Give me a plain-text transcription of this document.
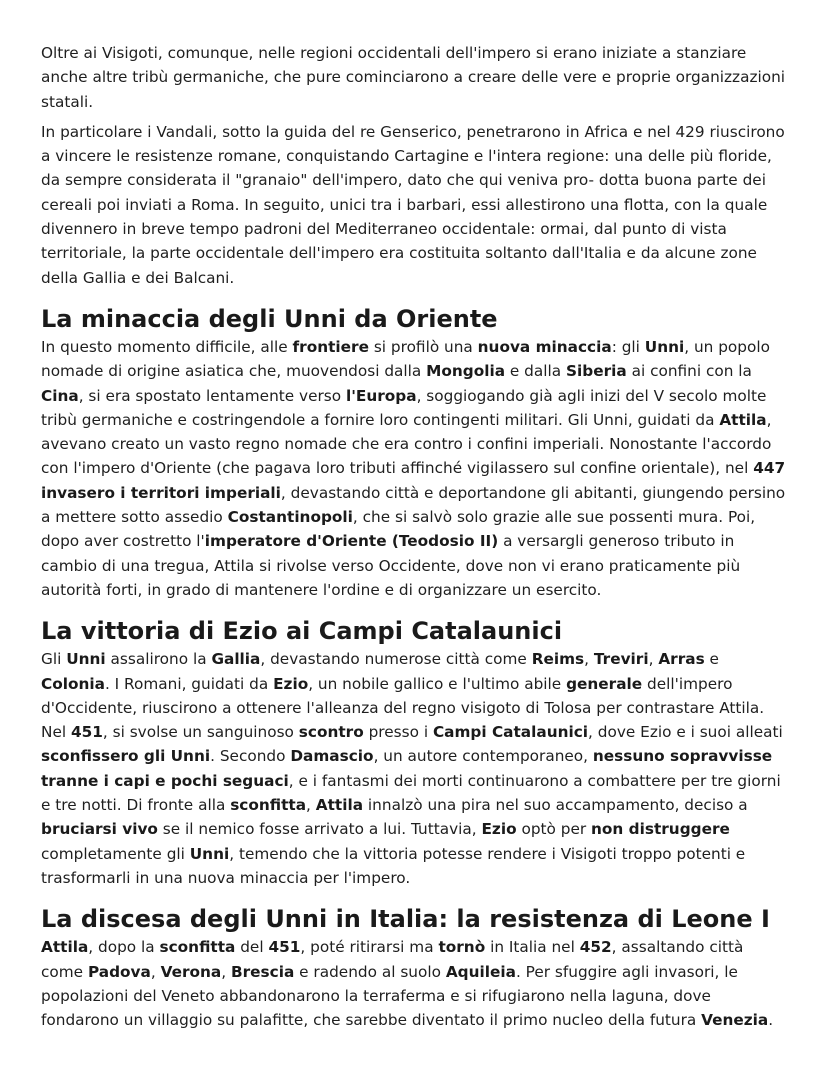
Oltre ai Visigoti, comunque, nelle regioni occidentali dell'impero si erano iniziate a stanziare anche altre tribù germaniche, che pure cominciarono a creare delle vere e proprie organizzazioni statali.

In particolare i Vandali, sotto la guida del re Genserico, penetrarono in Africa e nel 429 riuscirono a vincere le resistenze romane, conquistando Cartagine e l'intera regione: una delle più floride, da sempre considerata il "granaio" dell'impero, dato che qui veniva pro- dotta buona parte dei cereali poi inviati a Roma. In seguito, unici tra i barbari, essi allestirono una flotta, con la quale divennero in breve tempo padroni del Mediterraneo occidentale: ormai, dal punto di vista territoriale, la parte occidentale dell'impero era costituita soltanto dall'Italia e da alcune zone della Gallia e dei Balcani.

La minaccia degli Unni da Oriente

In questo momento difficile, alle frontiere si profilò una nuova minaccia: gli Unni, un popolo nomade di origine asiatica che, muovendosi dalla Mongolia e dalla Siberia ai confini con la Cina, si era spostato lentamente verso l'Europa, soggiogando già agli inizi del V secolo molte tribù germaniche e costringendole a fornire loro contingenti militari. Gli Unni, guidati da Attila, avevano creato un vasto regno nomade che era contro i confini imperiali. Nonostante l'accordo con l'impero d'Oriente (che pagava loro tributi affinché vigilassero sul confine orientale), nel 447 invasero i territori imperiali, devastando città e deportandone gli abitanti, giungendo persino a mettere sotto assedio Costantinopoli, che si salvò solo grazie alle sue possenti mura. Poi, dopo aver costretto l'imperatore d'Oriente (Teodosio II) a versargli generoso tributo in cambio di una tregua, Attila si rivolse verso Occidente, dove non vi erano praticamente più autorità forti, in grado di mantenere l'ordine e di organizzare un esercito.

La vittoria di Ezio ai Campi Catalaunici

Gli Unni assalirono la Gallia, devastando numerose città come Reims, Treviri, Arras e Colonia. I Romani, guidati da Ezio, un nobile gallico e l'ultimo abile generale dell'impero d'Occidente, riuscirono a ottenere l'alleanza del regno visigoto di Tolosa per contrastare Attila. Nel 451, si svolse un sanguinoso scontro presso i Campi Catalaunici, dove Ezio e i suoi alleati sconfissero gli Unni. Secondo Damascio, un autore contemporaneo, nessuno sopravvisse tranne i capi e pochi seguaci, e i fantasmi dei morti continuarono a combattere per tre giorni e tre notti. Di fronte alla sconfitta, Attila innalzò una pira nel suo accampamento, deciso a bruciarsi vivo se il nemico fosse arrivato a lui. Tuttavia, Ezio optò per non distruggere completamente gli Unni, temendo che la vittoria potesse rendere i Visigoti troppo potenti e trasformarli in una nuova minaccia per l'impero.

La discesa degli Unni in Italia: la resistenza di Leone I

Attila, dopo la sconfitta del 451, poté ritirarsi ma tornò in Italia nel 452, assaltando città come Padova, Verona, Brescia e radendo al suolo Aquileia. Per sfuggire agli invasori, le popolazioni del Veneto abbandonarono la terraferma e si rifugiarono nella laguna, dove fondarono un villaggio su palafitte, che sarebbe diventato il primo nucleo della futura Venezia.
